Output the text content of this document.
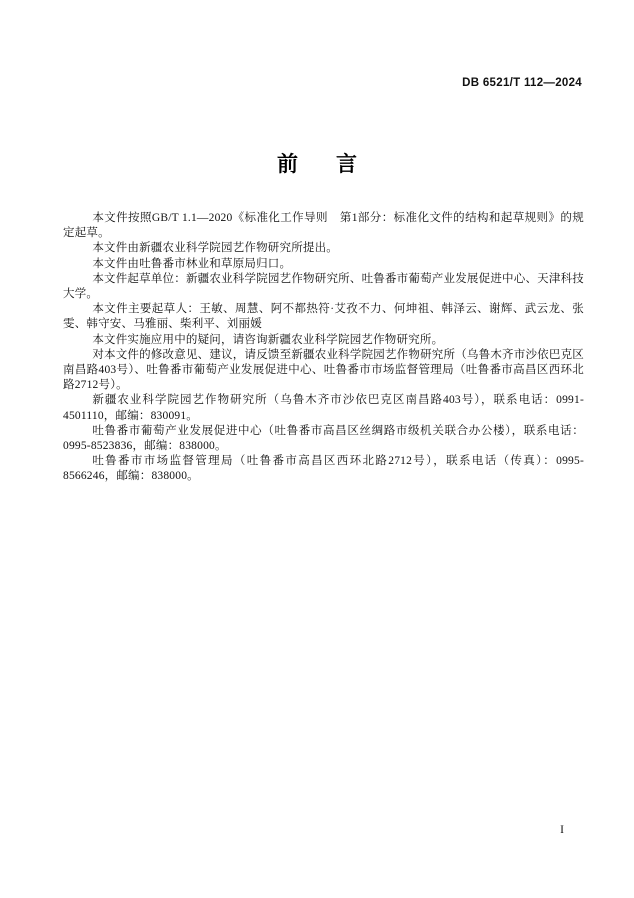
DB 6521/T 112—2024
前 言

本文件按照GB/T 1.1—2020《标准化工作导则　第1部分：标准化文件的结构和起草规则》的规定起草。

本文件由新疆农业科学院园艺作物研究所提出。

本文件由吐鲁番市林业和草原局归口。

本文件起草单位：新疆农业科学院园艺作物研究所、吐鲁番市葡萄产业发展促进中心、天津科技大学。

本文件主要起草人：王敏、周慧、阿不都热符·艾孜不力、何坤祖、韩泽云、谢辉、武云龙、张雯、韩守安、马雅丽、柴利平、刘丽媛

本文件实施应用中的疑问，请咨询新疆农业科学院园艺作物研究所。

对本文件的修改意见、建议，请反馈至新疆农业科学院园艺作物研究所（乌鲁木齐市沙依巴克区南昌路403号）、吐鲁番市葡萄产业发展促进中心、吐鲁番市市场监督管理局（吐鲁番市高昌区西环北路2712号）。

新疆农业科学院园艺作物研究所（乌鲁木齐市沙依巴克区南昌路403号），联系电话：0991-4501110，邮编：830091。

吐鲁番市葡萄产业发展促进中心（吐鲁番市高昌区丝绸路市级机关联合办公楼），联系电话：0995-8523836，邮编：838000。

吐鲁番市市场监督管理局（吐鲁番市高昌区西环北路2712号），联系电话（传真）：0995-8566246，邮编：838000。

I
